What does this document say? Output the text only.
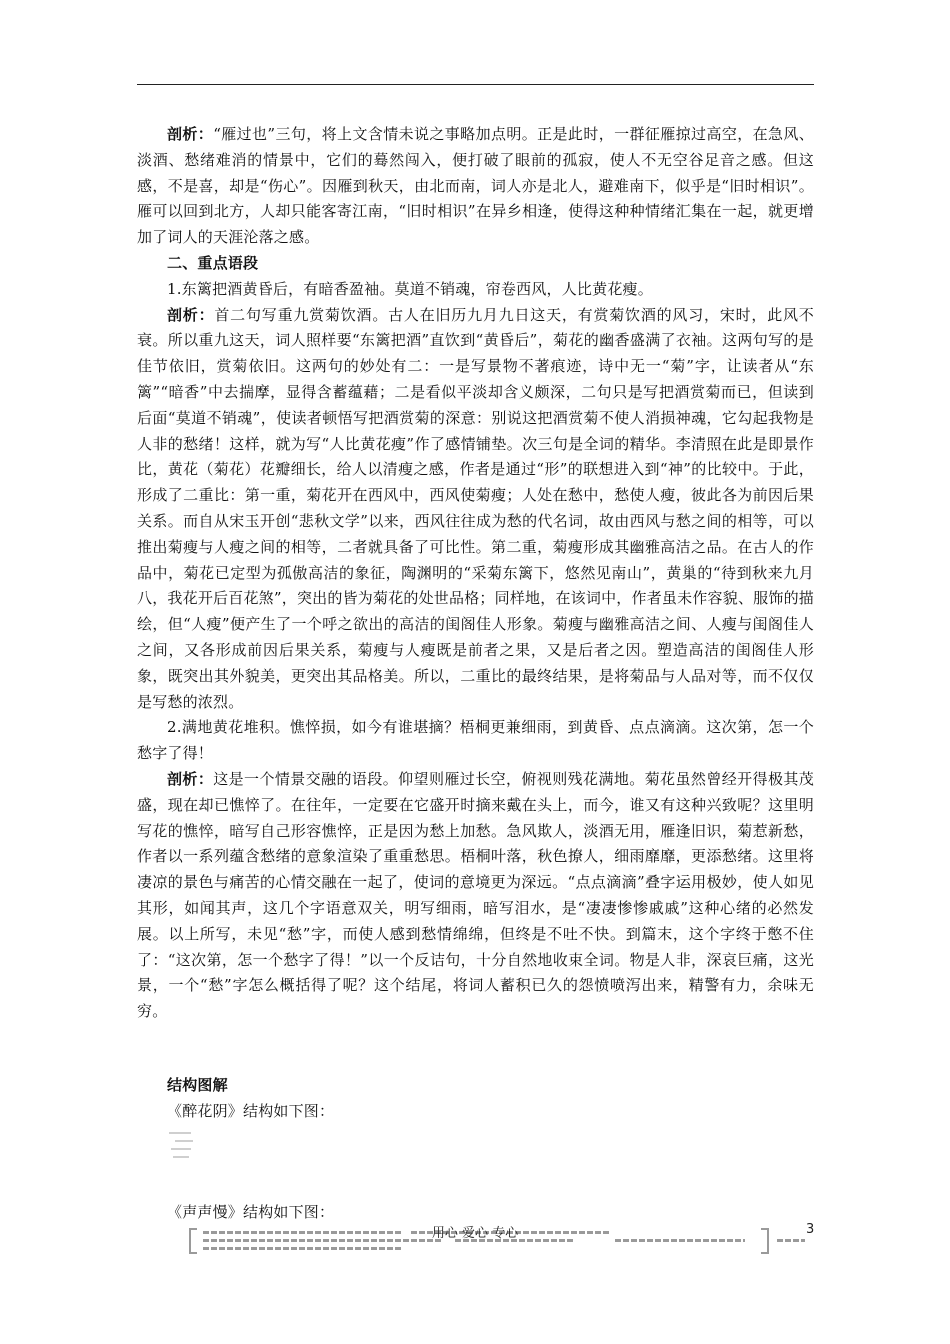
剖析：“雁过也”三句，将上文含情未说之事略加点明。正是此时，一群征雁掠过高空，在急风、淡酒、愁绪难消的情景中，它们的蓦然闯入，便打破了眼前的孤寂，使人不无空谷足音之感。但这感，不是喜，却是“伤心”。因雁到秋天，由北而南，词人亦是北人，避难南下，似乎是“旧时相识”。雁可以回到北方，人却只能客寄江南，“旧时相识”在异乡相逢，使得这种种情绪汇集在一起，就更增加了词人的天涯沦落之感。

二、重点语段

1.东篱把酒黄昏后，有暗香盈袖。莫道不销魂，帘卷西风，人比黄花瘦。

剖析：首二句写重九赏菊饮酒。古人在旧历九月九日这天，有赏菊饮酒的风习，宋时，此风不衰。所以重九这天，词人照样要“东篱把酒”直饮到“黄昏后”，菊花的幽香盛满了衣袖。这两句写的是佳节依旧，赏菊依旧。这两句的妙处有二：一是写景物不著痕迹，诗中无一“菊”字，让读者从“东篱”“暗香”中去揣摩，显得含蓄蕴藉；二是看似平淡却含义颇深，二句只是写把酒赏菊而已，但读到后面“莫道不销魂”，使读者顿悟写把酒赏菊的深意：别说这把酒赏菊不使人消损神魂，它勾起我物是人非的愁绪！这样，就为写“人比黄花瘦”作了感情铺垫。次三句是全词的精华。李清照在此是即景作比，黄花（菊花）花瓣细长，给人以清瘦之感，作者是通过“形”的联想进入到“神”的比较中。于此，形成了二重比：第一重，菊花开在西风中，西风使菊瘦；人处在愁中，愁使人瘦，彼此各为前因后果关系。而自从宋玉开创“悲秋文学”以来，西风往往成为愁的代名词，故由西风与愁之间的相等，可以推出菊瘦与人瘦之间的相等，二者就具备了可比性。第二重，菊瘦形成其幽雅高洁之品。在古人的作品中，菊花已定型为孤傲高洁的象征，陶渊明的“采菊东篱下，悠然见南山”，黄巢的“待到秋来九月八，我花开后百花煞”，突出的皆为菊花的处世品格；同样地，在该词中，作者虽未作容貌、服饰的描绘，但“人瘦”便产生了一个呼之欲出的高洁的闺阁佳人形象。菊瘦与幽雅高洁之间、人瘦与闺阁佳人之间，又各形成前因后果关系，菊瘦与人瘦既是前者之果，又是后者之因。塑造高洁的闺阁佳人形象，既突出其外貌美，更突出其品格美。所以，二重比的最终结果，是将菊品与人品对等，而不仅仅是写愁的浓烈。

2.满地黄花堆积。憔悴损，如今有谁堪摘？梧桐更兼细雨，到黄昏、点点滴滴。这次第，怎一个愁字了得！

剖析：这是一个情景交融的语段。仰望则雁过长空，俯视则残花满地。菊花虽然曾经开得极其茂盛，现在却已憔悴了。在往年，一定要在它盛开时摘来戴在头上，而今，谁又有这种兴致呢？这里明写花的憔悴，暗写自己形容憔悴，正是因为愁上加愁。急风欺人，淡酒无用，雁逢旧识，菊惹新愁，作者以一系列蕴含愁绪的意象渲染了重重愁思。梧桐叶落，秋色撩人，细雨靡靡，更添愁绪。这里将凄凉的景色与痛苦的心情交融在一起了，使词的意境更为深远。“点点滴滴”叠字运用极妙，使人如见其形，如闻其声，这几个字语意双关，明写细雨，暗写泪水，是“凄凄惨惨戚戚”这种心绪的必然发展。以上所写，未见“愁”字，而使人感到愁情绵绵，但终是不吐不快。到篇末，这个字终于憋不住了：“这次第，怎一个愁字了得！”以一个反诘句，十分自然地收束全词。物是人非，深哀巨痛，这光景，一个“愁”字怎么概括得了呢？这个结尾，将词人蓄积已久的怨愤喷泻出来，精警有力，余味无穷。

结构图解

《醉花阴》结构如下图：

《声声慢》结构如下图：

用心 爱心 专心	3
